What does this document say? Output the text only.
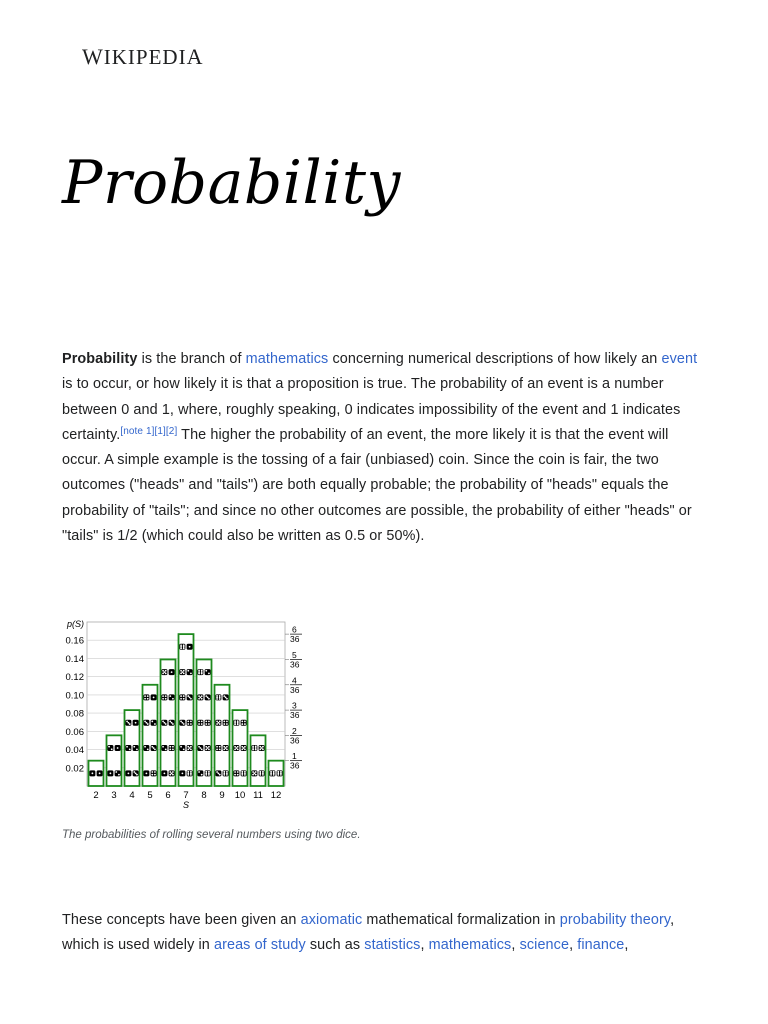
WIKIPEDIA
Probability

Probability is the branch of mathematics concerning numerical descriptions of how likely an event is to occur, or how likely it is that a proposition is true. The probability of an event is a number between 0 and 1, where, roughly speaking, 0 indicates impossibility of the event and 1 indicates certainty.[note 1][1][2] The higher the probability of an event, the more likely it is that the event will occur. A simple example is the tossing of a fair (unbiased) coin. Since the coin is fair, the two outcomes ("heads" and "tails") are both equally probable; the probability of "heads" equals the probability of "tails"; and since no other outcomes are possible, the probability of either "heads" or "tails" is 1/2 (which could also be written as 0.5 or 50%).

0.02
0.04
0.06
0.08
0.10
0.12
0.14
0.16
p(S)
1
36
2
36
3
36
4
36
5
36
6
36
2 3 4 5 6 7 8 9 10 11 12
S

The probabilities of rolling several numbers using two dice.

These concepts have been given an axiomatic mathematical formalization in probability theory, which is used widely in areas of study such as statistics, mathematics, science, finance,
